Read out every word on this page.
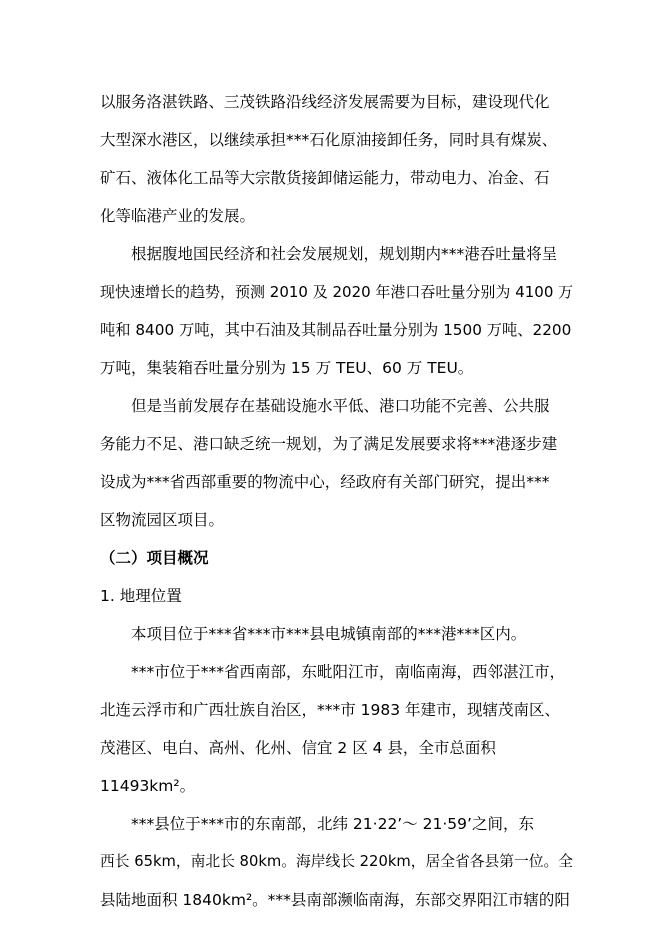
以服务洛湛铁路、三茂铁路沿线经济发展需要为目标，建设现代化
大型深水港区，以继续承担***石化原油接卸任务，同时具有煤炭、
矿石、液体化工品等大宗散货接卸储运能力，带动电力、冶金、石
化等临港产业的发展。
根据腹地国民经济和社会发展规划，规划期内***港吞吐量将呈
现快速增长的趋势，预测 2010 及 2020 年港口吞吐量分别为 4100 万
吨和 8400 万吨，其中石油及其制品吞吐量分别为 1500 万吨、2200
万吨，集装箱吞吐量分别为 15 万 TEU、60 万 TEU。
但是当前发展存在基础设施水平低、港口功能不完善、公共服
务能力不足、港口缺乏统一规划，为了满足发展要求将***港逐步建
设成为***省西部重要的物流中心，经政府有关部门研究，提出***
区物流园区项目。
（二）项目概况
1. 地理位置
本项目位于***省***市***县电城镇南部的***港***区内。
***市位于***省西南部，东毗阳江市，南临南海，西邻湛江市，
北连云浮市和广西壮族自治区，***市 1983 年建市，现辖茂南区、
茂港区、电白、高州、化州、信宜 2 区 4 县，全市总面积
11493km²。
***县位于***市的东南部，北纬 21·22’～ 21·59’之间，东
西长 65km，南北长 80km。海岸线长 220km，居全省各县第一位。全
县陆地面积 1840km²。***县南部濒临南海，东部交界阳江市辖的阳
